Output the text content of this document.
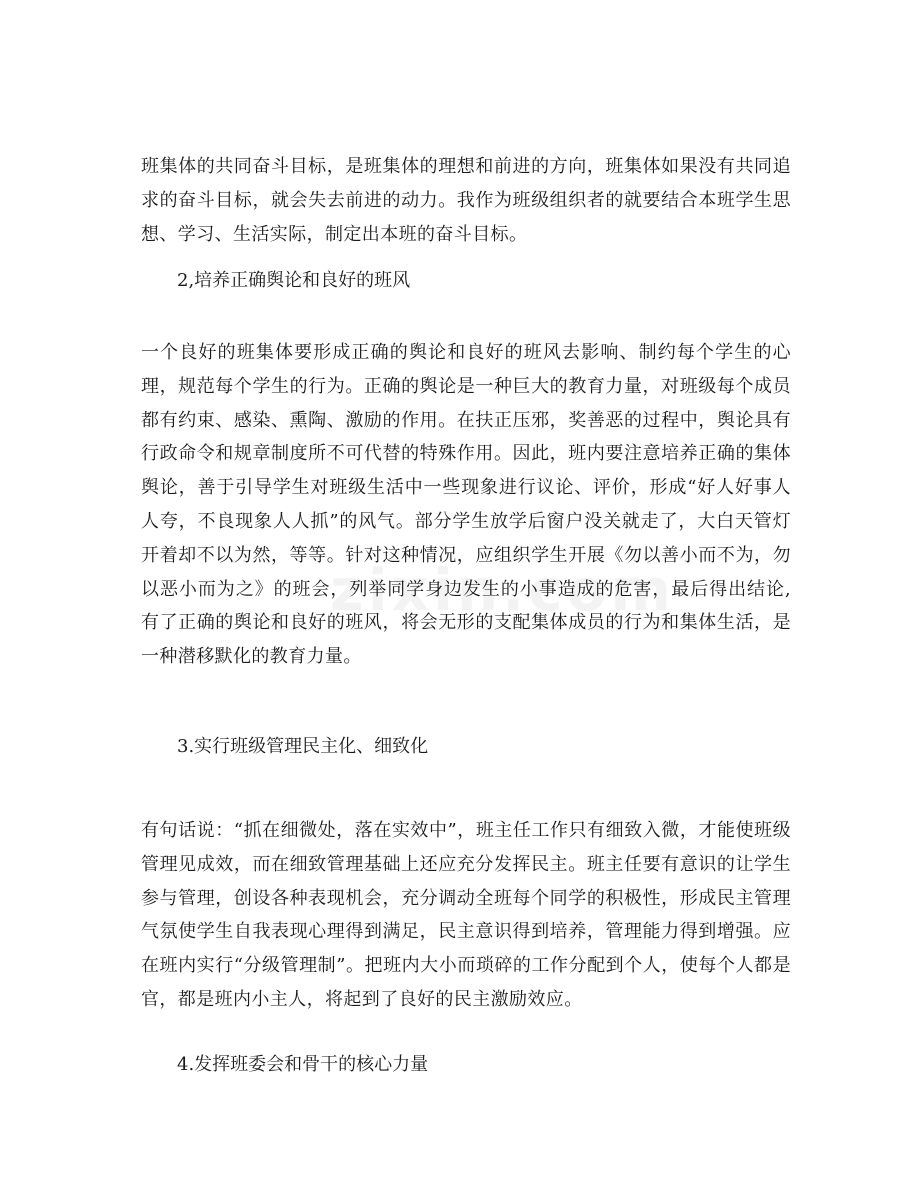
班集体的共同奋斗目标，是班集体的理想和前进的方向，班集体如果没有共同追求的奋斗目标，就会失去前进的动力。我作为班级组织者的就要结合本班学生思想、学习、生活实际，制定出本班的奋斗目标。

2,培养正确舆论和良好的班风

一个良好的班集体要形成正确的舆论和良好的班风去影响、制约每个学生的心理，规范每个学生的行为。正确的舆论是一种巨大的教育力量，对班级每个成员都有约束、感染、熏陶、激励的作用。在扶正压邪，奖善恶的过程中，舆论具有行政命令和规章制度所不可代替的特殊作用。因此，班内要注意培养正确的集体舆论，善于引导学生对班级生活中一些现象进行议论、评价，形成“好人好事人人夸，不良现象人人抓”的风气。部分学生放学后窗户没关就走了，大白天管灯开着却不以为然，等等。针对这种情况，应组织学生开展《勿以善小而不为，勿以恶小而为之》的班会，列举同学身边发生的小事造成的危害，最后得出结论,有了正确的舆论和良好的班风，将会无形的支配集体成员的行为和集体生活，是一种潜移默化的教育力量。

3.实行班级管理民主化、细致化

有句话说：“抓在细微处，落在实效中”，班主任工作只有细致入微，才能使班级管理见成效，而在细致管理基础上还应充分发挥民主。班主任要有意识的让学生参与管理，创设各种表现机会，充分调动全班每个同学的积极性，形成民主管理气氛使学生自我表现心理得到满足，民主意识得到培养，管理能力得到增强。应在班内实行“分级管理制”。把班内大小而琐碎的工作分配到个人，使每个人都是官，都是班内小主人，将起到了良好的民主激励效应。

4.发挥班委会和骨干的核心力量
